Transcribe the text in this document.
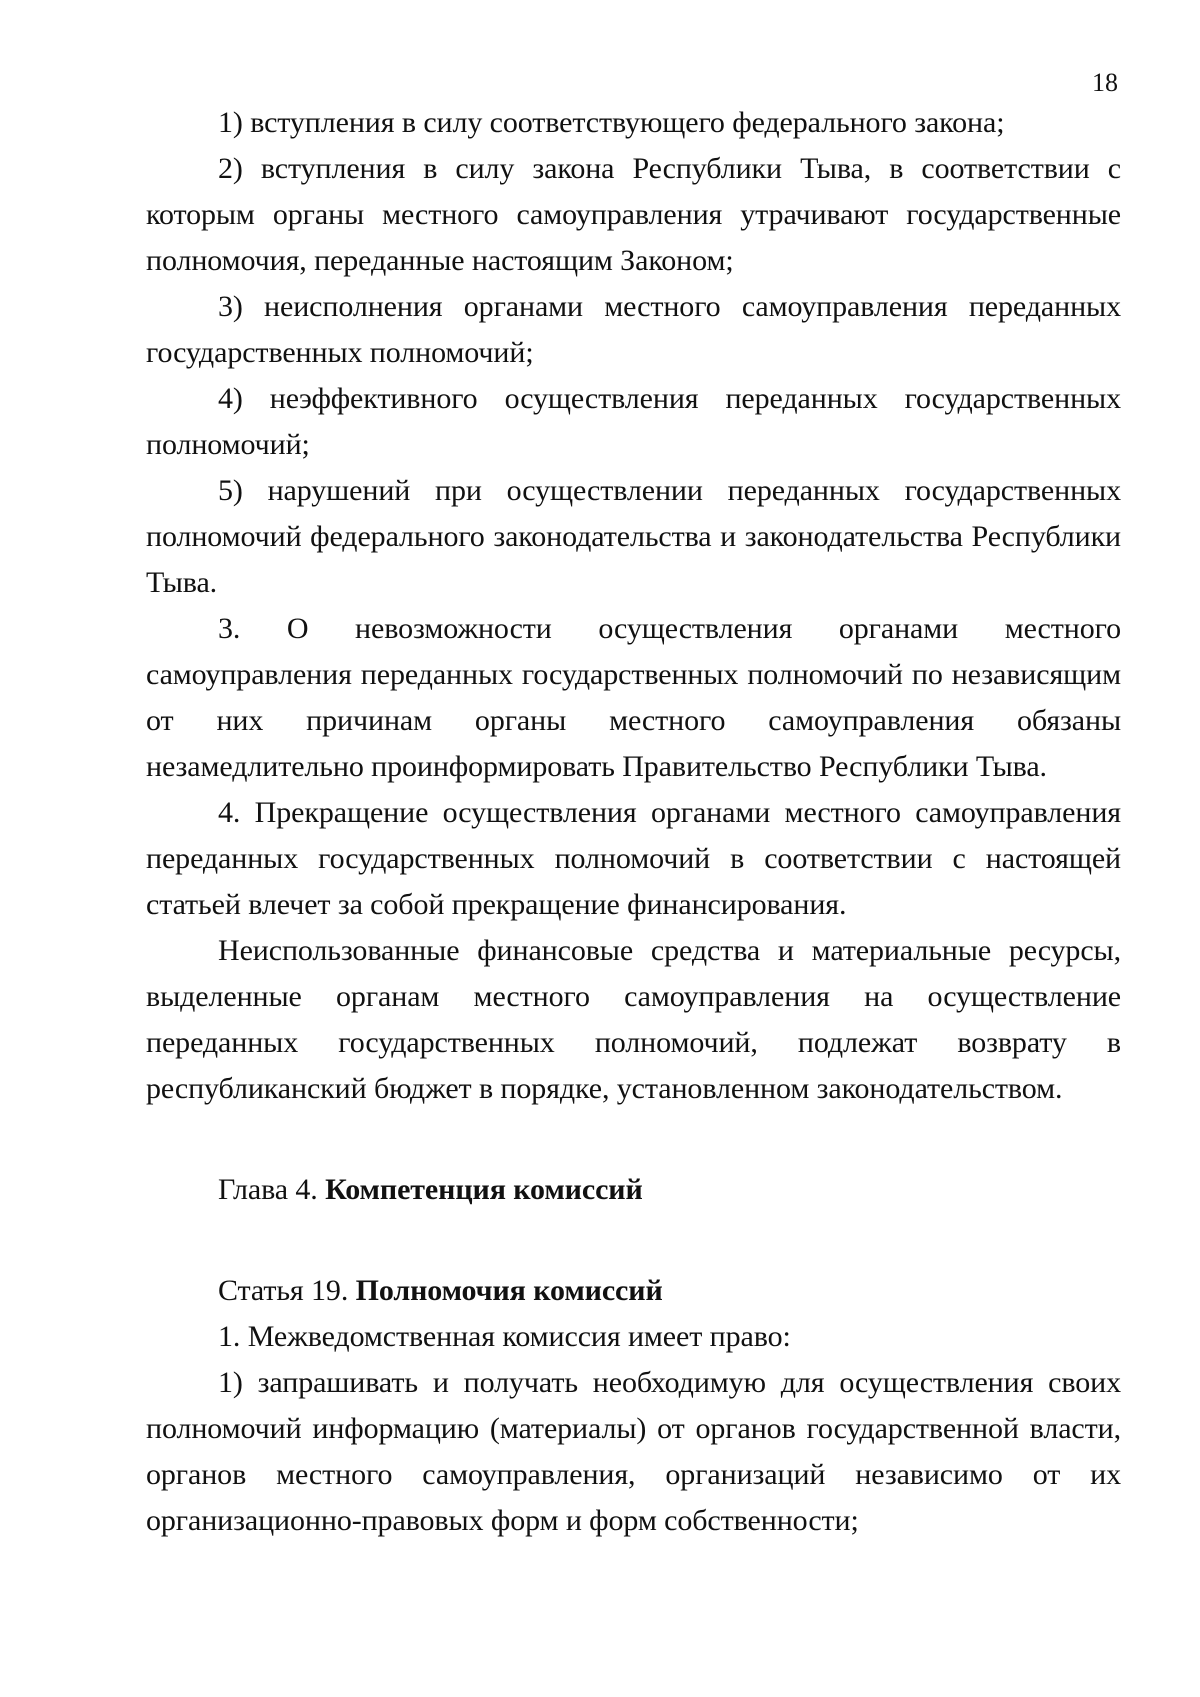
18

1) вступления в силу соответствующего федерального закона;

2) вступления в силу закона Республики Тыва, в соответствии с которым органы местного самоуправления утрачивают государственные полномочия, переданные настоящим Законом;

3) неисполнения органами местного самоуправления переданных государственных полномочий;

4) неэффективного осуществления переданных государственных полномочий;

5) нарушений при осуществлении переданных государственных полномочий федерального законодательства и законодательства Республики Тыва.

3. О невозможности осуществления органами местного самоуправления переданных государственных полномочий по независящим от них причинам органы местного самоуправления обязаны незамедлительно проинформировать Правительство Республики Тыва.

4. Прекращение осуществления органами местного самоуправления переданных государственных полномочий в соответствии с настоящей статьей влечет за собой прекращение финансирования.

Неиспользованные финансовые средства и материальные ресурсы, выделенные органам местного самоуправления на осуществление переданных государственных полномочий, подлежат возврату в республиканский бюджет в порядке, установленном законодательством.

Глава 4. Компетенция комиссий
Статья 19. Полномочия комиссий

1. Межведомственная комиссия имеет право:

1) запрашивать и получать необходимую для осуществления своих полномочий информацию (материалы) от органов государственной власти, органов местного самоуправления, организаций независимо от их организационно-правовых форм и форм собственности;
